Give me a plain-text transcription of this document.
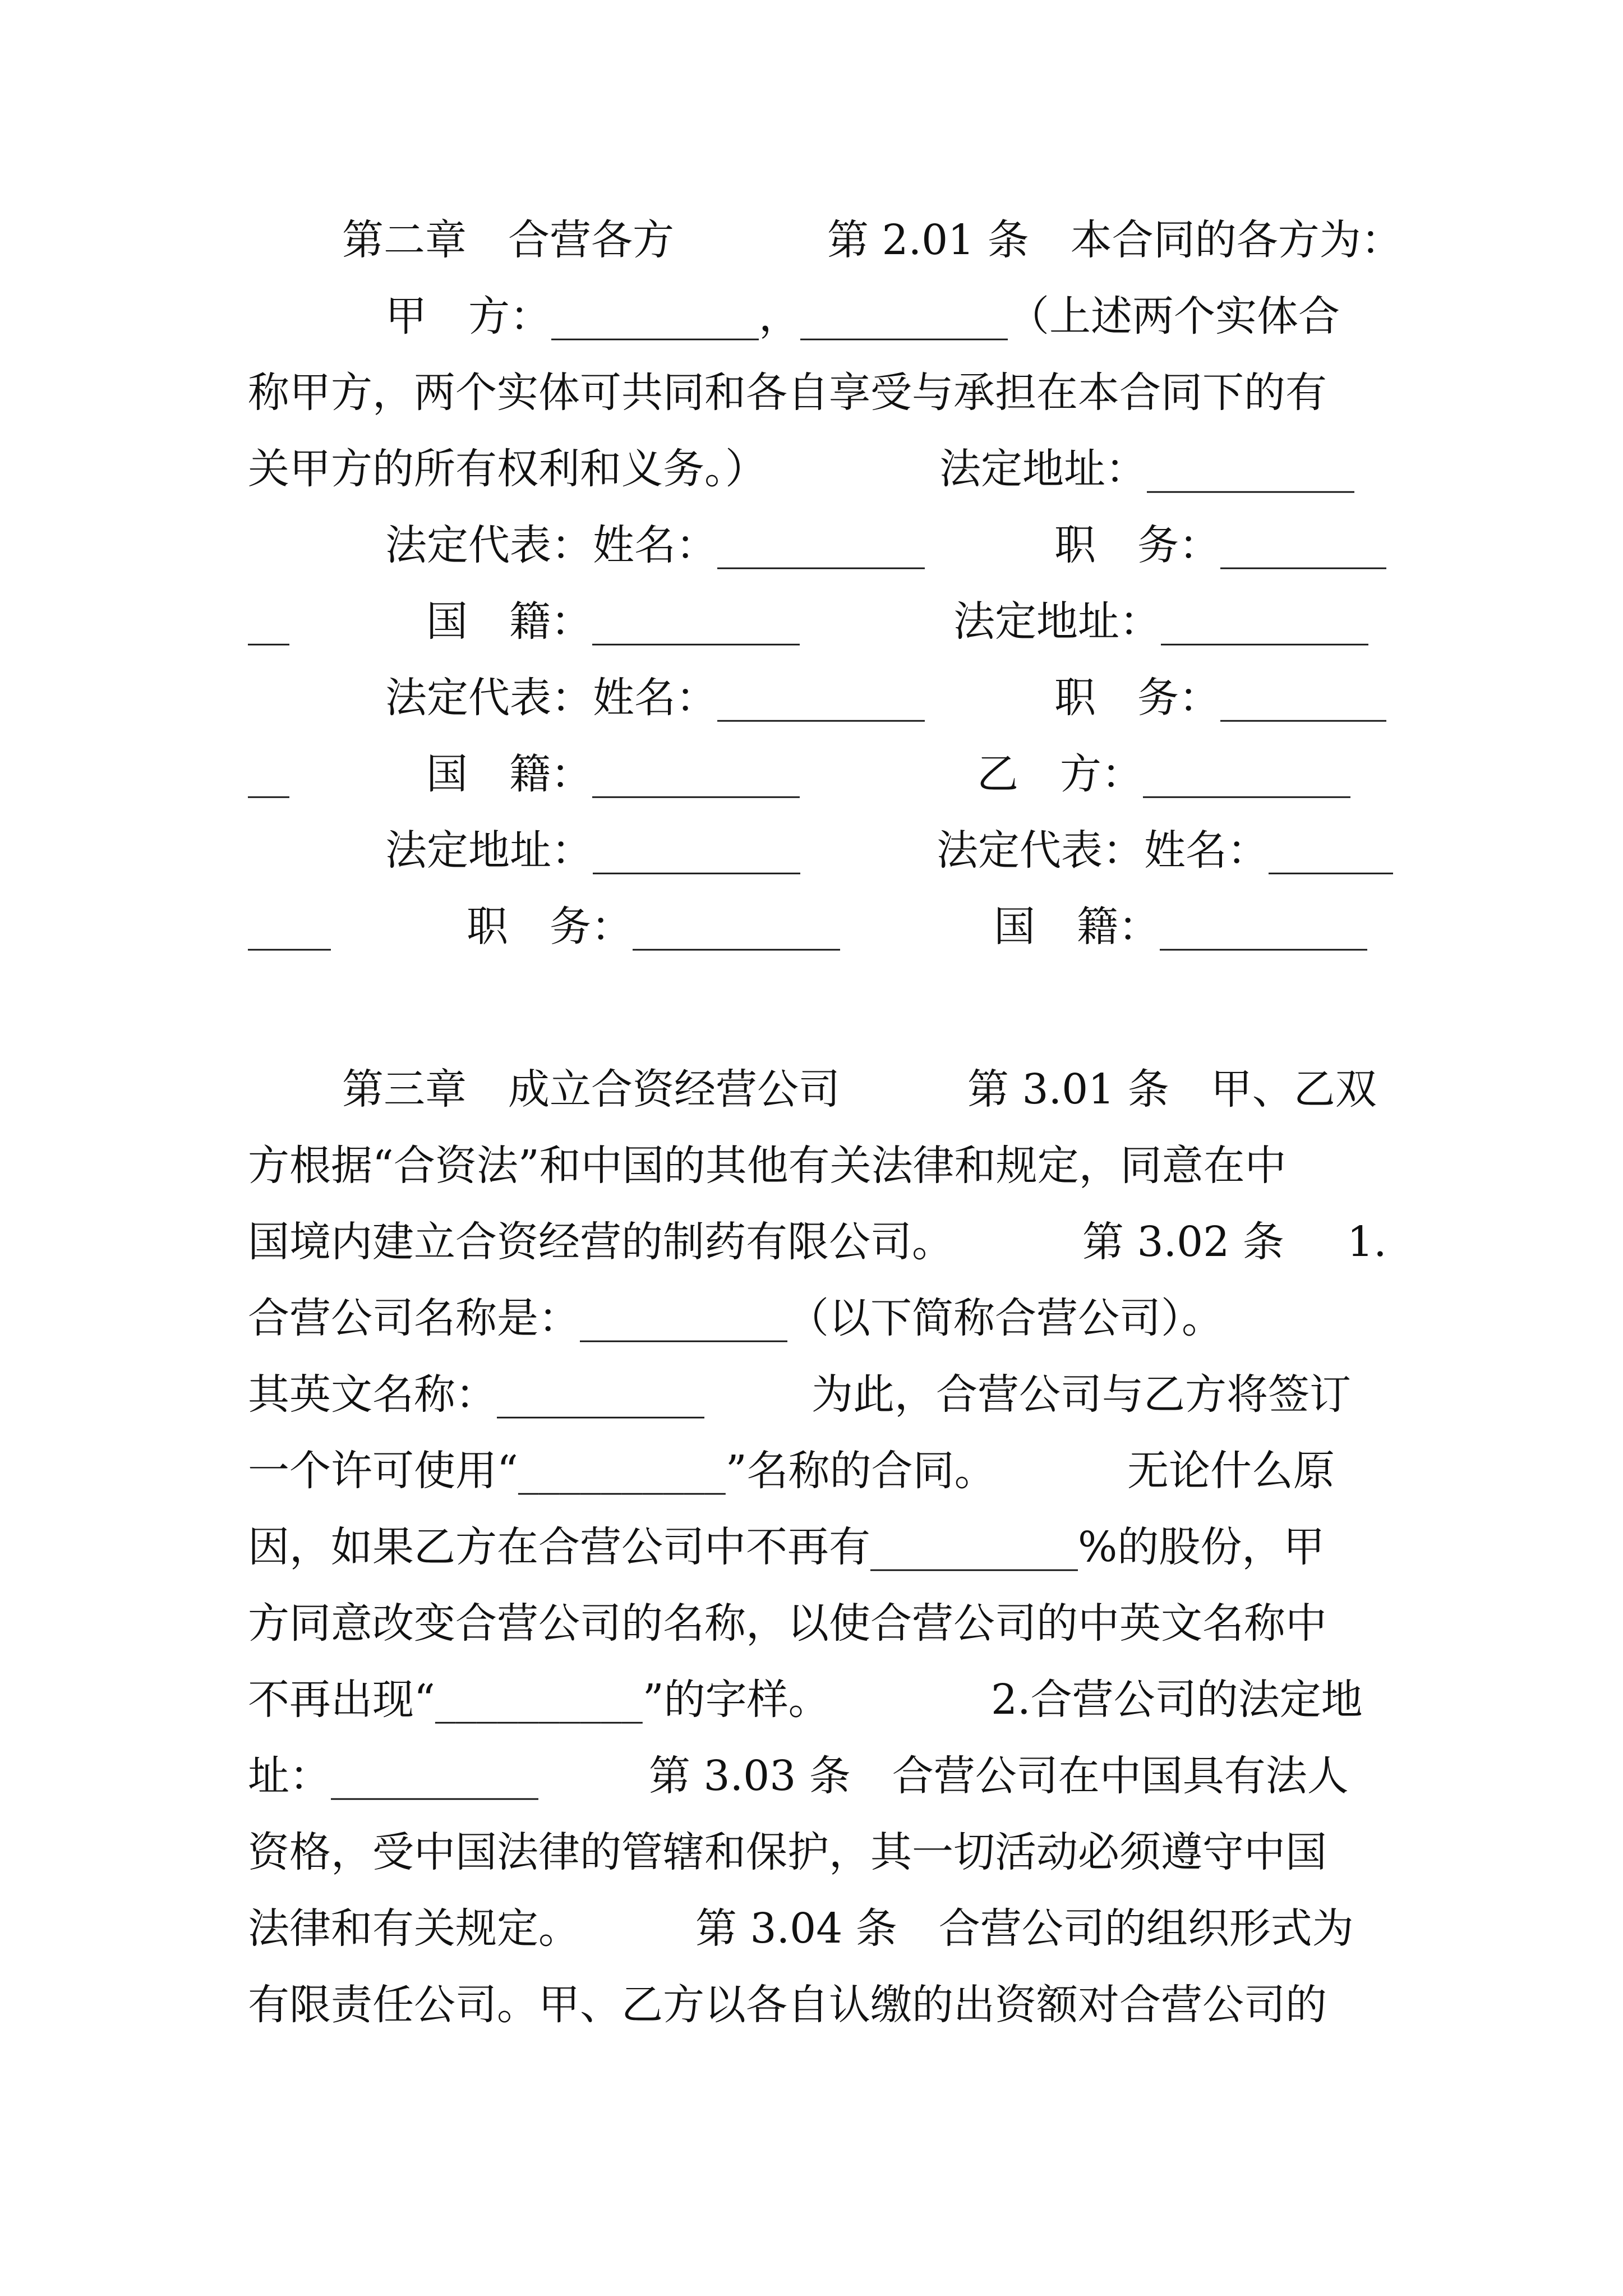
第二章　合营各方

	第 2.01 条　本合同的各方为：

甲　方：__________，__________（上述两个实体合

称甲方，两个实体可共同和各自享受与承担在本合同下的有

关甲方的所有权利和义务。）

	法定地址：__________

法定代表：姓名：__________

	职　务：________

__

	国　籍：__________

	法定地址：__________

法定代表：姓名：__________

	职　务：________

__

	国　籍：__________

	乙　方：__________

法定地址：__________

	法定代表：姓名：______

____

	职　务：__________

	国　籍：__________

第三章　成立合资经营公司

	第 3.01 条　甲、乙双

方根据“合资法”和中国的其他有关法律和规定，同意在中

国境内建立合资经营的制药有限公司。

	第 3.02 条

1.

合营公司名称是：__________（以下简称合营公司）。

其英文名称：__________

	为此，合营公司与乙方将签订

一个许可使用“__________”名称的合同。

	无论什么原

因，如果乙方在合营公司中不再有__________%的股份，甲

方同意改变合营公司的名称，以使合营公司的中英文名称中

不再出现“__________”的字样。

	2.合营公司的法定地

址：__________

	第 3.03 条　合营公司在中国具有法人

资格，受中国法律的管辖和保护，其一切活动必须遵守中国

法律和有关规定。

	第 3.04 条　合营公司的组织形式为

有限责任公司。甲、乙方以各自认缴的出资额对合营公司的
